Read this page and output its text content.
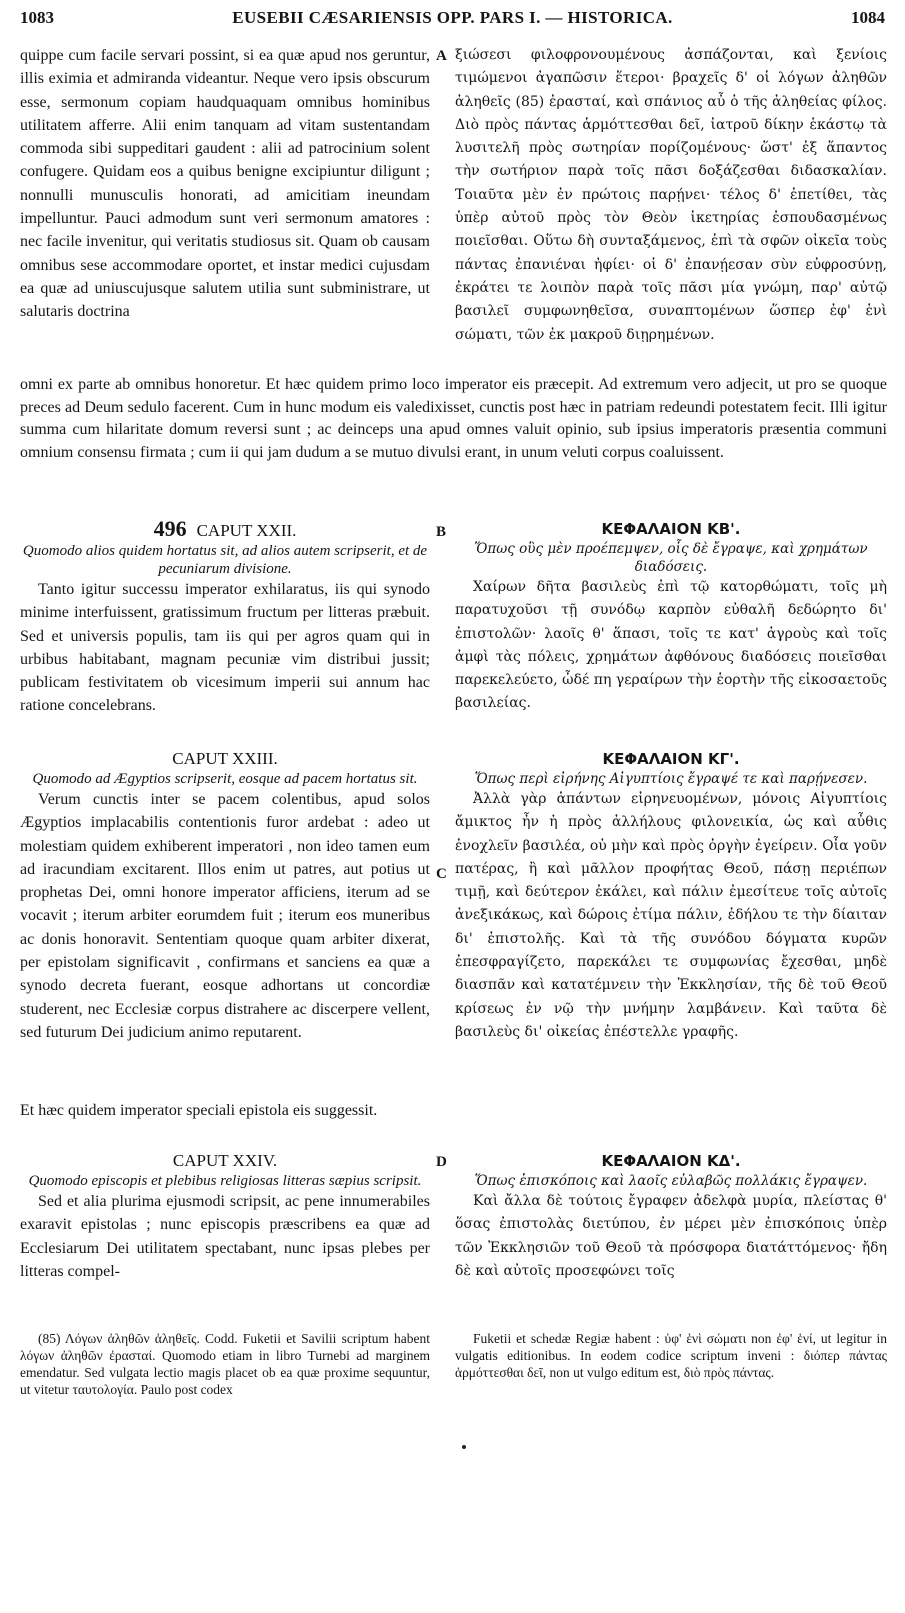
1083	EUSEBII CÆSARIENSIS OPP. PARS I. — HISTORICA.	1084
quippe cum facile servari possint, si ea quæ apud nos geruntur, illis eximia et admiranda videantur. Neque vero ipsis obscurum esse, sermonum copiam haudquaquam omnibus hominibus utilitatem afferre. Alii enim tanquam ad vitam sustentandam commoda sibi suppeditari gaudent : alii ad patrocinium solent confugere. Quidam eos a quibus benigne excipiuntur diligunt ; nonnulli munusculis honorati, ad amicitiam ineundam impelluntur. Pauci admodum sunt veri sermonum amatores : nec facile invenitur, qui veritatis studiosus sit. Quam ob causam omnibus sese accommodare oportet, et instar medici cujusdam ea quæ ad uniuscujusque salutem utilia sunt subministrare, ut salutaris doctrina
A ξιώσεσι φιλοφρονουμένους ἀσπάζονται, καὶ ξενίοις τιμώμενοι ἀγαπῶσιν ἕτεροι· βραχεῖς δ' οἱ λόγων ἀληθῶν ἀληθεῖς (85) ἐρασταί, καὶ σπάνιος αὖ ὁ τῆς ἀληθείας φίλος. Διὸ πρὸς πάντας ἁρμόττεσθαι δεῖ, ἰατροῦ δίκην ἑκάστῳ τὰ λυσιτελῆ πρὸς σωτηρίαν πορίζομένους· ὥστ' ἐξ ἅπαντος τὴν σωτήριον παρὰ τοῖς πᾶσι δοξάζεσθαι διδασκαλίαν. Τοιαῦτα μὲν ἐν πρώτοις παρῄνει· τέλος δ' ἐπετίθει, τὰς ὑπὲρ αὐτοῦ πρὸς τὸν Θεὸν ἱκετηρίας ἐσπουδασμένως ποιεῖσθαι. Οὕτω δὴ συνταξάμενος, ἐπὶ τὰ σφῶν οἰκεῖα τοὺς πάντας ἐπανιέναι ἠφίει· οἱ δ' ἐπανῄεσαν σὺν εὐφροσύνῃ, ἐκράτει τε λοιπὸν παρὰ τοῖς πᾶσι μία γνώμη, παρ' αὐτῷ βασιλεῖ συμφωνηθεῖσα, συναπτομένων ὥσπερ ἐφ' ἑνὶ σώματι, τῶν ἐκ μακροῦ διῃρημένων.
omni ex parte ab omnibus honoretur. Et hæc quidem primo loco imperator eis præcepit. Ad extremum vero adjecit, ut pro se quoque preces ad Deum sedulo facerent. Cum in hunc modum eis valedixisset, cunctis post hæc in patriam redeundi potestatem fecit. Illi igitur summa cum hilaritate domum reversi sunt ; ac deinceps una apud omnes valuit opinio, sub ipsius imperatoris præsentia communi omnium consensu firmata ; cum ii qui jam dudum a se mutuo divulsi erant, in unum veluti corpus coaluissent.
496 CAPUT XXII.
Quomodo alios quidem hortatus sit, ad alios autem scripserit, et de pecuniarum divisione.

Tanto igitur successu imperator exhilaratus, iis qui synodo minime interfuissent, gratissimum fructum per litteras præbuit. Sed et universis populis, tam iis qui per agros quam qui in urbibus habitabant, magnam pecuniæ vim distribui jussit; publicam festivitatem ob vicesimum imperii sui annum hac ratione concelebrans.

B	ΚΕΦΑΛΑΙΟΝ ΚΒ'.
Ὅπως οὓς μὲν προέπεμψεν, οἷς δὲ ἔγραψε, καὶ χρημάτων διαδόσεις.

Χαίρων δῆτα βασιλεὺς ἐπὶ τῷ κατορθώματι, τοῖς μὴ παρατυχοῦσι τῇ συνόδῳ καρπὸν εὐθαλῆ δεδώρητο δι' ἐπιστολῶν· λαοῖς θ' ἅπασι, τοῖς τε κατ' ἀγροὺς καὶ τοῖς ἀμφὶ τὰς πόλεις, χρημάτων ἀφθόνους διαδόσεις ποιεῖσθαι παρεκελεύετο, ὧδέ πη γεραίρων τὴν ἑορτὴν τῆς εἰκοσαετοῦς βασιλείας.

CAPUT XXIII.
Quomodo ad Ægyptios scripserit, eosque ad pacem hortatus sit.

Verum cunctis inter se pacem colentibus, apud solos Ægyptios implacabilis contentionis furor ardebat : adeo ut molestiam quidem exhiberent imperatori , non ideo tamen eum ad iracundiam excitarent. Illos enim ut patres, aut potius ut prophetas Dei, omni honore imperator afficiens, iterum ad se vocavit ; iterum arbiter eorumdem fuit ; iterum eos muneribus ac donis honoravit. Sententiam quoque quam arbiter dixerat, per epistolam significavit , confirmans et sanciens ea quæ a synodo decreta fuerant, eosque adhortans ut concordiæ studerent, nec Ecclesiæ corpus distrahere ac discerpere vellent, sed futurum Dei judicium animo reputarent.

C
ΚΕΦΑΛΑΙΟΝ ΚΓ'.
Ὅπως περὶ εἰρήνης Αἰγυπτίοις ἔγραψέ τε καὶ παρῄνεσεν.

Ἀλλὰ γὰρ ἁπάντων εἰρηνευομένων, μόνοις Αἰγυπτίοις ἄμικτος ἦν ἡ πρὸς ἀλλήλους φιλονεικία, ὡς καὶ αὖθις ἐνοχλεῖν βασιλέα, οὐ μὴν καὶ πρὸς ὀργὴν ἐγείρειν. Οἷα γοῦν πατέρας, ἢ καὶ μᾶλλον προφήτας Θεοῦ, πάσῃ περιέπων τιμῇ, καὶ δεύτερον ἐκάλει, καὶ πάλιν ἐμεσίτευε τοῖς αὐτοῖς ἀνεξικάκως, καὶ δώροις ἐτίμα πάλιν, ἐδήλου τε τὴν δίαιταν δι' ἐπιστολῆς. Καὶ τὰ τῆς συνόδου δόγματα κυρῶν ἐπεσφραγίζετο, παρεκάλει τε συμφωνίας ἔχεσθαι, μηδὲ διασπᾶν καὶ κατατέμνειν τὴν Ἐκκλησίαν, τῆς δὲ τοῦ Θεοῦ κρίσεως ἐν νῷ τὴν μνήμην λαμβάνειν. Καὶ ταῦτα δὲ βασιλεὺς δι' οἰκείας ἐπέστελλε γραφῆς.

Et hæc quidem imperator speciali epistola eis suggessit.
CAPUT XXIV.
Quomodo episcopis et plebibus religiosas litteras sæpius scripsit.

Sed et alia plurima ejusmodi scripsit, ac pene innumerabiles exaravit epistolas ; nunc episcopis præscribens ea quæ ad Ecclesiarum Dei utilitatem spectabant, nunc ipsas plebes per litteras compel-

D	ΚΕΦΑΛΑΙΟΝ ΚΔ'.
Ὅπως ἐπισκόποις καὶ λαοῖς εὐλαβῶς πολλάκις ἔγραψεν.

Καὶ ἄλλα δὲ τούτοις ἔγραφεν ἀδελφὰ μυρία, πλείστας θ' ὅσας ἐπιστολὰς διετύπου, ἐν μέρει μὲν ἐπισκόποις ὑπὲρ τῶν Ἐκκλησιῶν τοῦ Θεοῦ τὰ πρόσφορα διατάττόμενος· ἤδη δὲ καὶ αὐτοῖς προσεφώνει τοῖς

(85) Λόγων ἀληθῶν ἀληθεῖς. Codd. Fuketii et Savilii scriptum habent λόγων ἀληθῶν ἐρασταί. Quomodo etiam in libro Turnebi ad marginem emendatur. Sed vulgata lectio magis placet ob ea quæ proxime sequuntur, ut vitetur ταυτολογία. Paulo post codex

Fuketii et schedæ Regiæ habent : ὑφ' ἑνὶ σώματι non ἐφ' ἑνί, ut legitur in vulgatis editionibus. In eodem codice scriptum inveni : διόπερ πάντας ἁρμόττεσθαι δεῖ, non ut vulgo editum est, διὸ πρὸς πάντας.
